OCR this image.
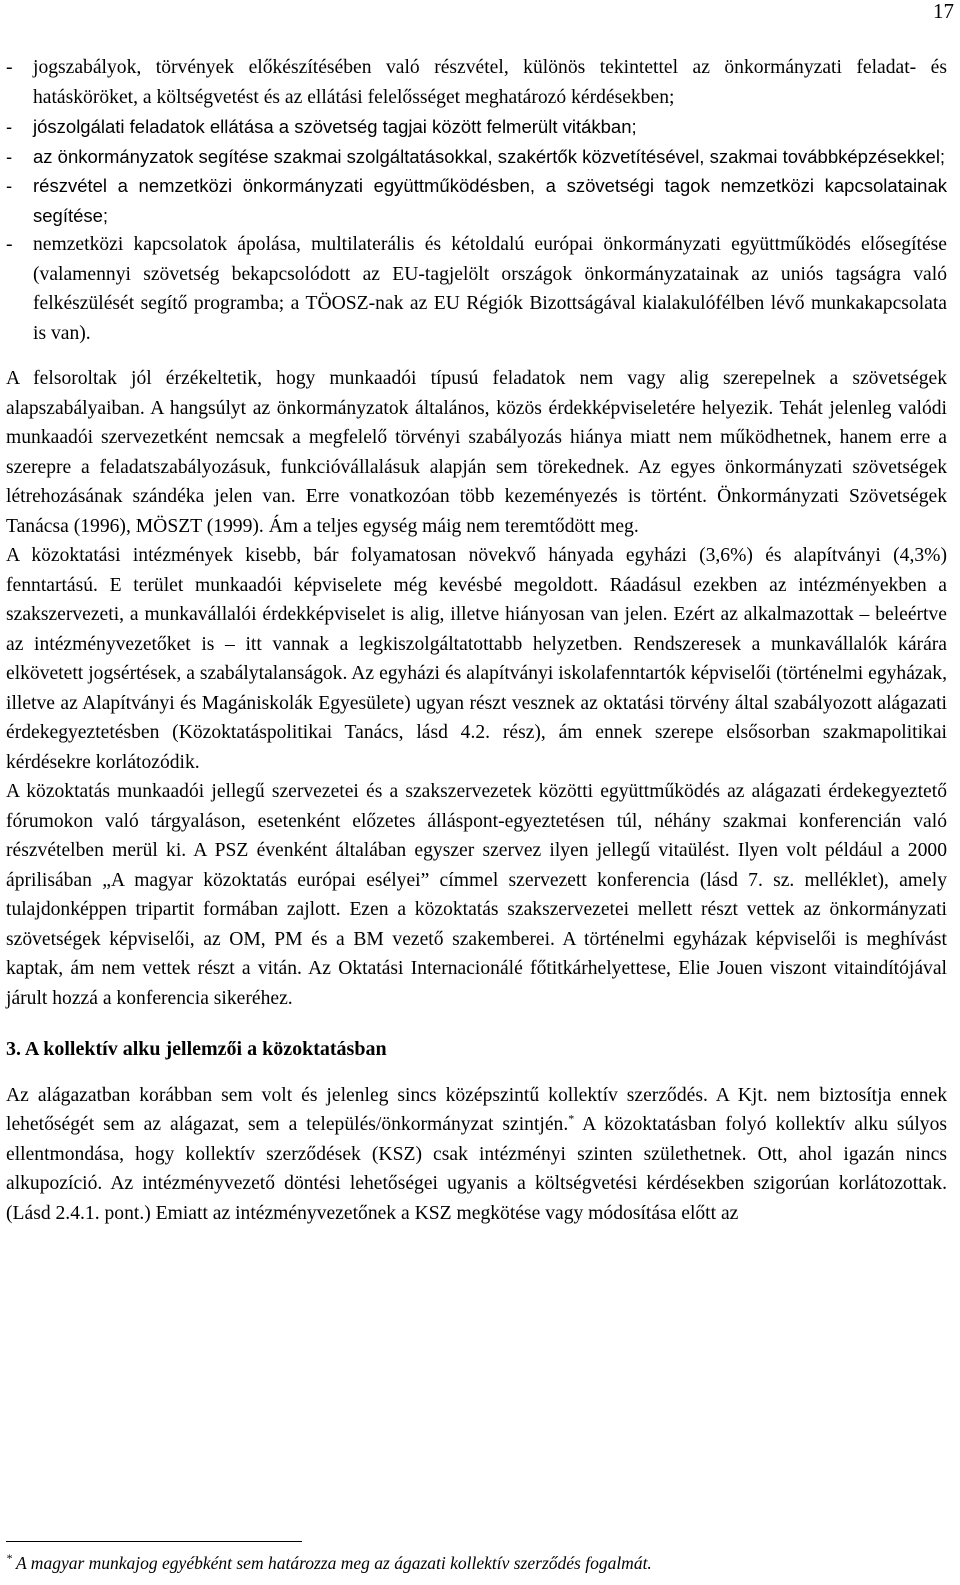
17

- jogszabályok, törvények előkészítésében való részvétel, különös tekintettel az önkormányzati feladat- és hatásköröket, a költségvetést és az ellátási felelősséget meghatározó kérdésekben;

- jószolgálati feladatok ellátása a szövetség tagjai között felmerült vitákban;

- az önkormányzatok segítése szakmai szolgáltatásokkal, szakértők közvetítésével, szakmai továbbképzésekkel;

- részvétel a nemzetközi önkormányzati együttműködésben, a szövetségi tagok nemzetközi kapcsolatainak segítése;

- nemzetközi kapcsolatok ápolása, multilaterális és kétoldalú európai önkormányzati együttműködés elősegítése (valamennyi szövetség bekapcsolódott az EU-tagjelölt országok önkormányzatainak az uniós tagságra való felkészülését segítő programba; a TÖOSZ-nak az EU Régiók Bizottságával kialakulófélben lévő munkakapcsolata is van).

A felsoroltak jól érzékeltetik, hogy munkaadói típusú feladatok nem vagy alig szerepelnek a szövetségek alapszabályaiban. A hangsúlyt az önkormányzatok általános, közös érdekképviseletére helyezik. Tehát jelenleg valódi munkaadói szervezetként nemcsak a megfelelő törvényi szabályozás hiánya miatt nem működhetnek, hanem erre a szerepre a feladatszabályozásuk, funkcióvállalásuk alapján sem törekednek. Az egyes önkormányzati szövetségek létrehozásának szándéka jelen van. Erre vonatkozóan több kezeményezés is történt. Önkormányzati Szövetségek Tanácsa (1996), MÖSZT (1999). Ám a teljes egység máig nem teremtődött meg.

A közoktatási intézmények kisebb, bár folyamatosan növekvő hányada egyházi (3,6%) és alapítványi (4,3%) fenntartású. E terület munkaadói képviselete még kevésbé megoldott. Ráadásul ezekben az intézményekben a szakszervezeti, a munkavállalói érdekképviselet is alig, illetve hiányosan van jelen. Ezért az alkalmazottak – beleértve az intézményvezetőket is – itt vannak a legkiszolgáltatottabb helyzetben. Rendszeresek a munkavállalók kárára elkövetett jogsértések, a szabálytalanságok. Az egyházi és alapítványi iskolafenntartók képviselői (történelmi egyházak, illetve az Alapítványi és Magániskolák Egyesülete) ugyan részt vesznek az oktatási törvény által szabályozott alágazati érdekegyeztetésben (Közoktatáspolitikai Tanács, lásd 4.2. rész), ám ennek szerepe elsősorban szakmapolitikai kérdésekre korlátozódik.

A közoktatás munkaadói jellegű szervezetei és a szakszervezetek közötti együttműködés az alágazati érdekegyeztető fórumokon való tárgyaláson, esetenként előzetes álláspont-egyeztetésen túl, néhány szakmai konferencián való részvételben merül ki. A PSZ évenként általában egyszer szervez ilyen jellegű vitaülést. Ilyen volt például a 2000 áprilisában „A magyar közoktatás európai esélyei” címmel szervezett konferencia (lásd 7. sz. melléklet), amely tulajdonképpen tripartit formában zajlott. Ezen a közoktatás szakszervezetei mellett részt vettek az önkormányzati szövetségek képviselői, az OM, PM és a BM vezető szakemberei. A történelmi egyházak képviselői is meghívást kaptak, ám nem vettek részt a vitán. Az Oktatási Internacionálé főtitkárhelyettese, Elie Jouen viszont vitaindítójával járult hozzá a konferencia sikeréhez.

3. A kollektív alku jellemzői a közoktatásban

Az alágazatban korábban sem volt és jelenleg sincs középszintű kollektív szerződés. A Kjt. nem biztosítja ennek lehetőségét sem az alágazat, sem a település/önkormányzat szintjén.* A közoktatásban folyó kollektív alku súlyos ellentmondása, hogy kollektív szerződések (KSZ) csak intézményi szinten születhetnek. Ott, ahol igazán nincs alkupozíció. Az intézményvezető döntési lehetőségei ugyanis a költségvetési kérdésekben szigorúan korlátozottak. (Lásd 2.4.1. pont.) Emiatt az intézményvezetőnek a KSZ megkötése vagy módosítása előtt az

* A magyar munkajog egyébként sem határozza meg az ágazati kollektív szerződés fogalmát.
